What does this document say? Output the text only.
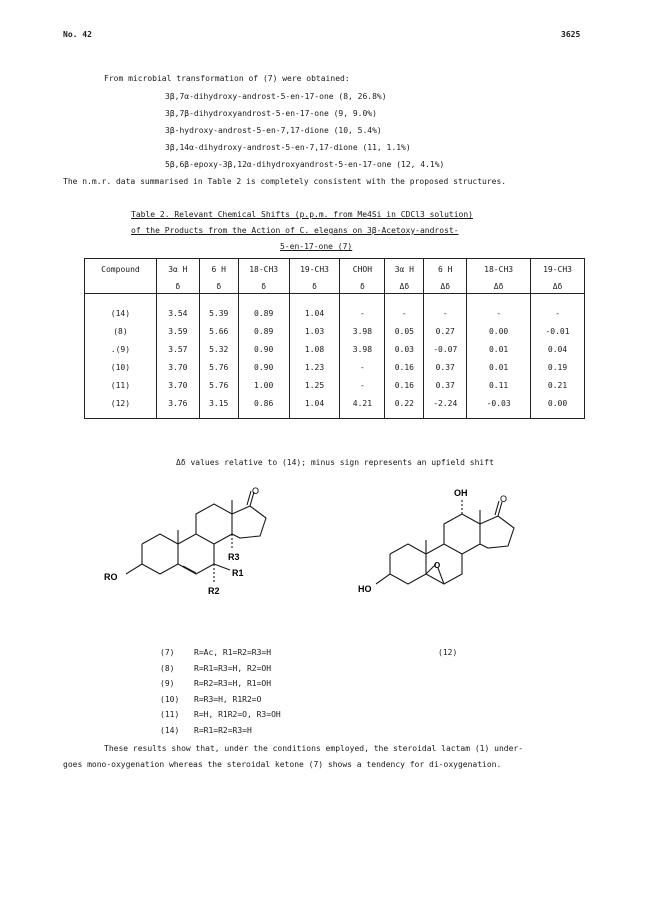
No. 42	3625
From microbial transformation of (7) were obtained:
3β,7α-dihydroxy-androst-5-en-17-one (8, 26.8%)
3β,7β-dihydroxyandrost-5-en-17-one (9, 9.0%)
3β-hydroxy-androst-5-en-7,17-dione (10, 5.4%)
3β,14α-dihydroxy-androst-5-en-7,17-dione (11, 1.1%)
5β,6β-epoxy-3β,12α-dihydroxyandrost-5-en-17-one (12, 4.1%)
The n.m.r. data summarised in Table 2 is completely consistent with the proposed structures.
Table 2. Relevant Chemical Shifts (p.p.m. from Me4Si in CDCl3 solution)
of the Products from the Action of C. elegans on 3β-Acetoxy-androst-
5-en-17-one (7)
Compound	3α H	6 H	18-CH3	19-CH3	CHOH	3α H	6 H	18-CH3	19-CH3
	δ	δ	δ	δ	δ	Δδ	Δδ	Δδ	Δδ
(14)	3.54	5.39	0.89	1.04	-	-	-	-	-
(8)	3.59	5.66	0.89	1.03	3.98	0.05	0.27	0.00	-0.01
.(9)	3.57	5.32	0.90	1.08	3.98	0.03	-0.07	0.01	0.04
(10)	3.70	5.76	0.90	1.23	-	0.16	0.37	0.01	0.19
(11)	3.70	5.76	1.00	1.25	-	0.16	0.37	0.11	0.21
(12)	3.76	3.15	0.86	1.04	4.21	0.22	-2.24	-0.03	0.00
Δδ values relative to (14); minus sign represents an upfield shift
O
RO	R1
R2
R3
O
O
OH
HO
(7)	R=Ac, R1=R2=R3=H
(8)	R=R1=R3=H, R2=OH
(9)	R=R2=R3=H, R1=OH
(10)	R=R3=H, R1R2=O
(11)	R=H, R1R2=O, R3=OH
(14)	R=R1=R2=R3=H
(12)
These results show that, under the conditions employed, the steroidal lactam (1) under-
goes mono-oxygenation whereas the steroidal ketone (7) shows a tendency for di-oxygenation.
